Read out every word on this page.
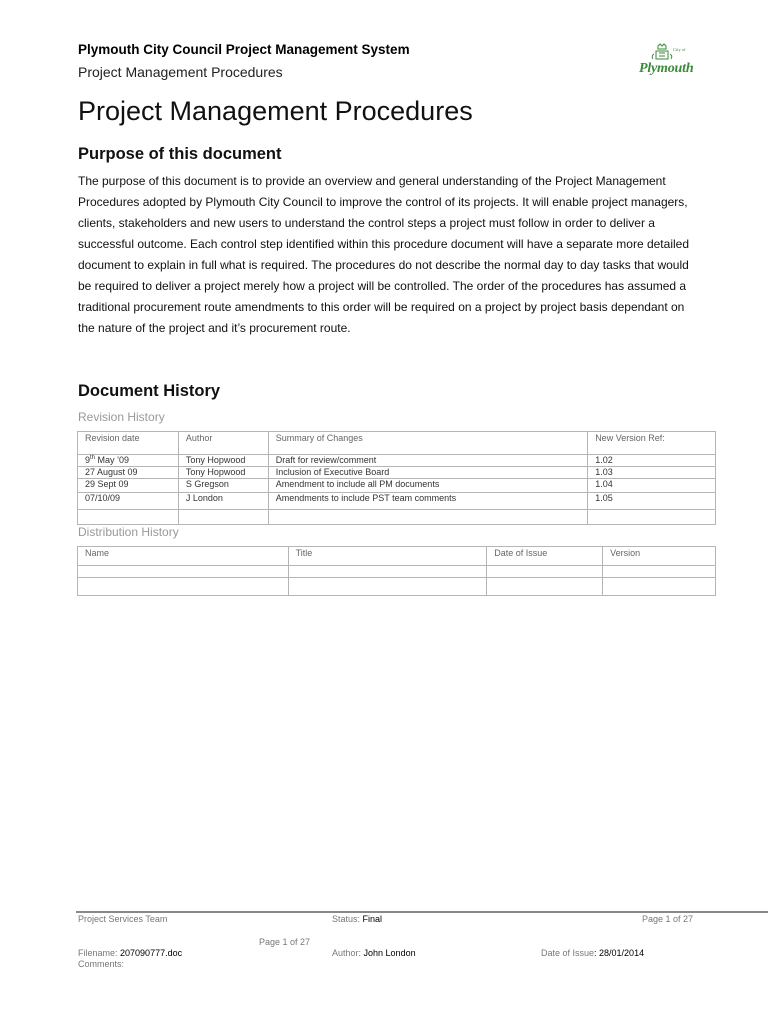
Plymouth City Council Project Management System
Project Management Procedures
City of
Plymouth
Project Management Procedures
Purpose of this document
The purpose of this document is to provide an overview and general understanding of the Project Management Procedures adopted by Plymouth City Council to improve the control of its projects. It will enable project managers, clients, stakeholders and new users to understand the control steps a project must follow in order to deliver a successful outcome. Each control step identified within this procedure document will have a separate more detailed document to explain in full what is required. The procedures do not describe the normal day to day tasks that would be required to deliver a project merely how a project will be controlled. The order of the procedures has assumed a traditional procurement route amendments to this order will be required on a project by project basis dependant on the nature of the project and it’s procurement route.
Document History
Revision History
Revision date	Author	Summary of Changes	New Version Ref:
9th May ’09	Tony Hopwood	Draft for review/comment	1.02
27 August 09	Tony Hopwood	Inclusion of Executive Board	1.03
29 Sept 09	S Gregson	Amendment to include all PM documents	1.04
07/10/09	J London	Amendments to include PST team comments	1.05

Distribution History
Name	Title	Date of Issue	Version

Project Services Team	Status: Final	Page 1 of 27
Page 1 of 27
Filename: 207090777.doc	Author: John London	Date of Issue: 28/01/2014
Comments:
